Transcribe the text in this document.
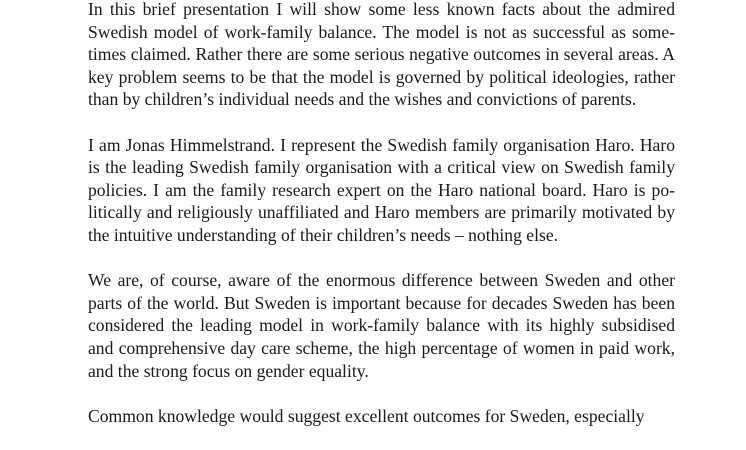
In this brief presentation I will show some less known facts about the admired Swedish model of work-family balance. The model is not as successful as sometimes claimed. Rather there are some serious negative outcomes in several areas. A key problem seems to be that the model is governed by political ideologies, rather than by children’s individual needs and the wishes and convictions of parents.

I am Jonas Himmelstrand. I represent the Swedish family organisation Haro. Haro is the leading Swedish family organisation with a critical view on Swedish family policies. I am the family research expert on the Haro national board. Haro is politically and religiously unaffiliated and Haro members are primarily motivated by the intuitive understanding of their children’s needs – nothing else.

We are, of course, aware of the enormous difference between Sweden and other parts of the world. But Sweden is important because for decades Sweden has been considered the leading model in work-family balance with its highly subsidised and comprehensive day care scheme, the high percentage of women in paid work, and the strong focus on gender equality.

Common knowledge would suggest excellent outcomes for Sweden, especially
